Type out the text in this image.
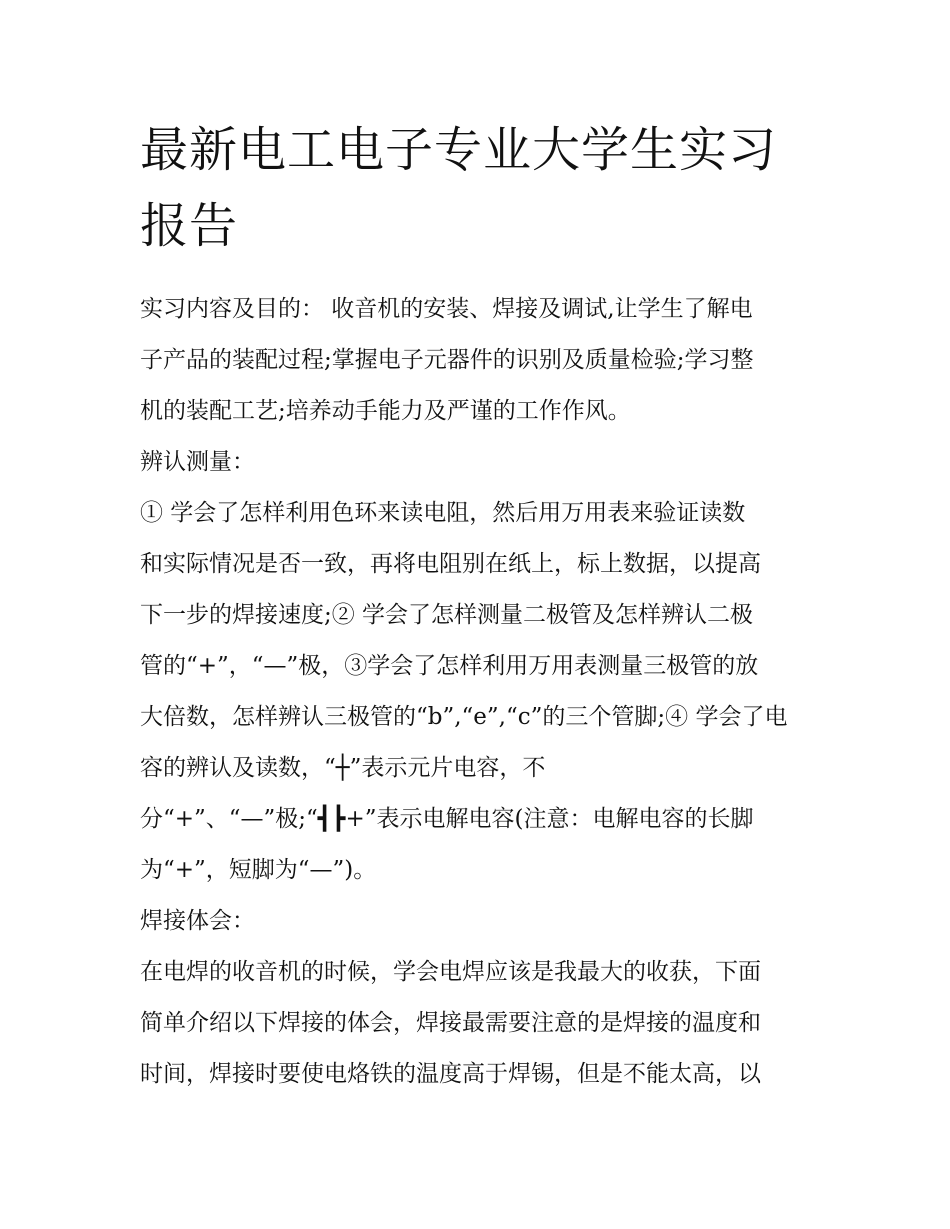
最新电工电子专业大学生实习
报告

实习内容及目的： 收音机的安装、焊接及调试,让学生了解电
子产品的装配过程;掌握电子元器件的识别及质量检验;学习整
机的装配工艺;培养动手能力及严谨的工作作风。

辨认测量：

① 学会了怎样利用色环来读电阻，然后用万用表来验证读数
和实际情况是否一致，再将电阻别在纸上，标上数据，以提高
下一步的焊接速度;② 学会了怎样测量二极管及怎样辨认二极
管的“+”，“—”极，③学会了怎样利用万用表测量三极管的放
大倍数，怎样辨认三极管的“b”,“e”,“c”的三个管脚;④ 学会了电
容的辨认及读数，“┼”表示元片电容，不
分“+”、“—”极;“┫┣+”表示电解电容(注意：电解电容的长脚
为“+”，短脚为“—”)。

焊接体会：

在电焊的收音机的时候，学会电焊应该是我最大的收获，下面
简单介绍以下焊接的体会，焊接最需要注意的是焊接的温度和
时间，焊接时要使电烙铁的温度高于焊锡，但是不能太高，以
